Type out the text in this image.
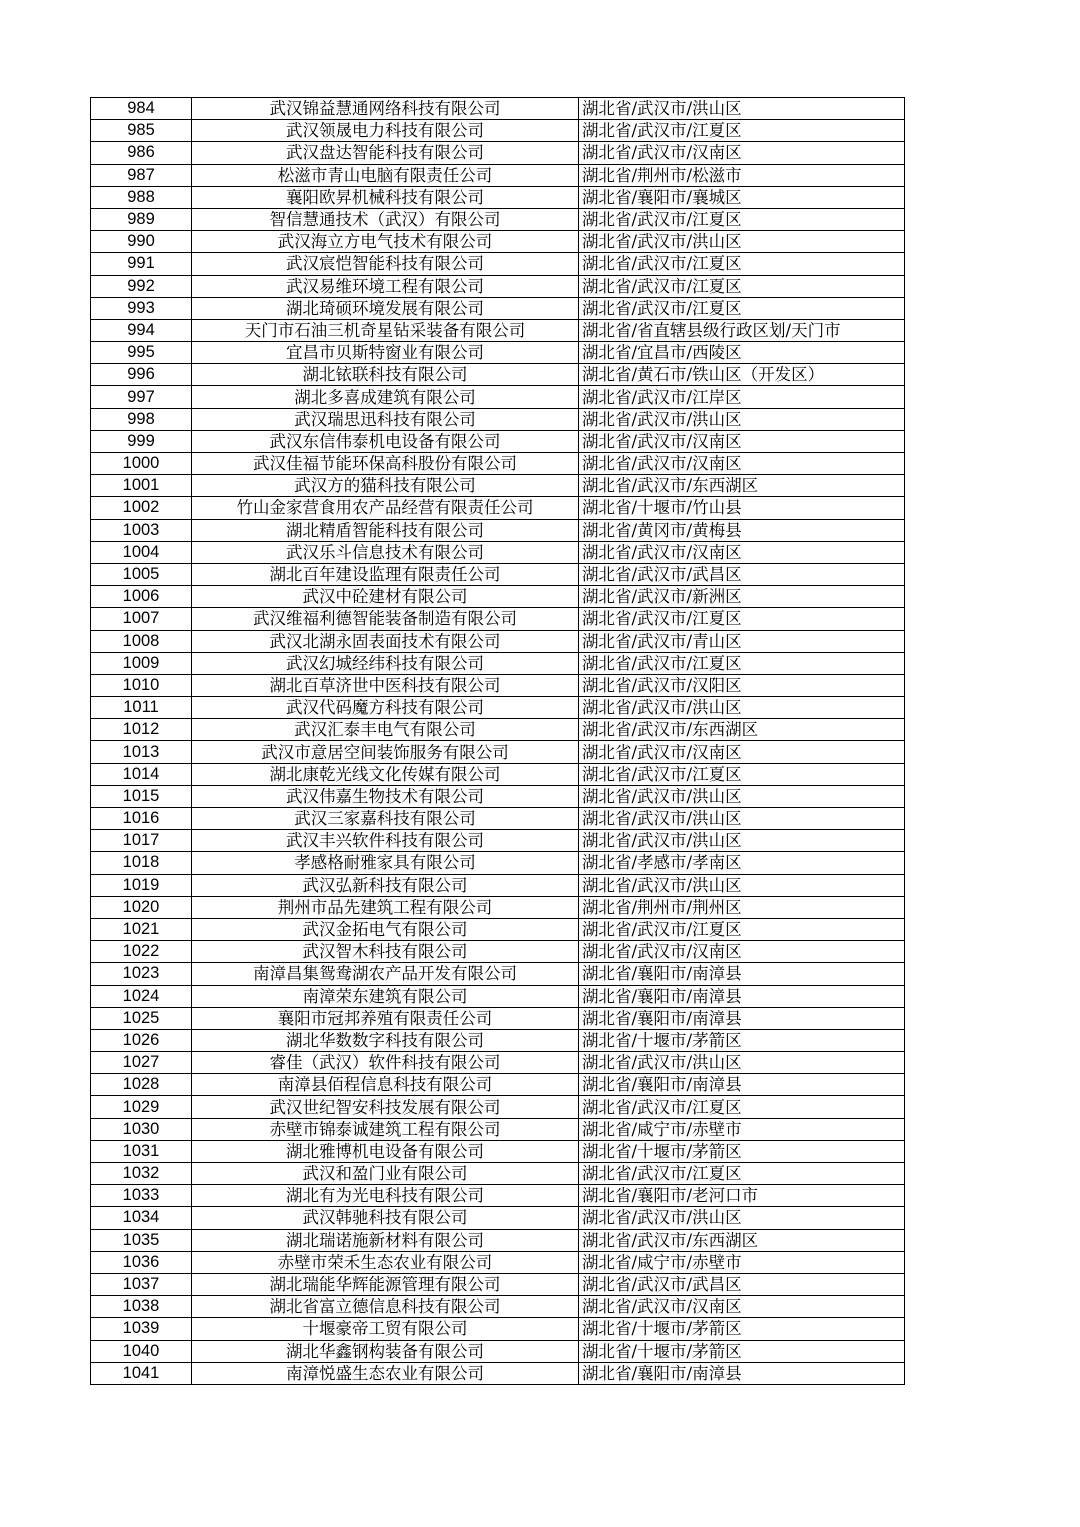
984	武汉锦益慧通网络科技有限公司	湖北省/武汉市/洪山区
985	武汉领晟电力科技有限公司	湖北省/武汉市/江夏区
986	武汉盘达智能科技有限公司	湖北省/武汉市/汉南区
987	松滋市青山电脑有限责任公司	湖北省/荆州市/松滋市
988	襄阳欧昇机械科技有限公司	湖北省/襄阳市/襄城区
989	智信慧通技术（武汉）有限公司	湖北省/武汉市/江夏区
990	武汉海立方电气技术有限公司	湖北省/武汉市/洪山区
991	武汉宸恺智能科技有限公司	湖北省/武汉市/江夏区
992	武汉易维环境工程有限公司	湖北省/武汉市/江夏区
993	湖北琦硕环境发展有限公司	湖北省/武汉市/江夏区
994	天门市石油三机奇星钻采装备有限公司	湖北省/省直辖县级行政区划/天门市
995	宜昌市贝斯特窗业有限公司	湖北省/宜昌市/西陵区
996	湖北铱联科技有限公司	湖北省/黄石市/铁山区（开发区）
997	湖北多喜成建筑有限公司	湖北省/武汉市/江岸区
998	武汉瑞思迅科技有限公司	湖北省/武汉市/洪山区
999	武汉东信伟泰机电设备有限公司	湖北省/武汉市/汉南区
1000	武汉佳福节能环保高科股份有限公司	湖北省/武汉市/汉南区
1001	武汉方的猫科技有限公司	湖北省/武汉市/东西湖区
1002	竹山金家营食用农产品经营有限责任公司	湖北省/十堰市/竹山县
1003	湖北精盾智能科技有限公司	湖北省/黄冈市/黄梅县
1004	武汉乐斗信息技术有限公司	湖北省/武汉市/汉南区
1005	湖北百年建设监理有限责任公司	湖北省/武汉市/武昌区
1006	武汉中砼建材有限公司	湖北省/武汉市/新洲区
1007	武汉维福利德智能装备制造有限公司	湖北省/武汉市/江夏区
1008	武汉北湖永固表面技术有限公司	湖北省/武汉市/青山区
1009	武汉幻城经纬科技有限公司	湖北省/武汉市/江夏区
1010	湖北百草济世中医科技有限公司	湖北省/武汉市/汉阳区
1011	武汉代码魔方科技有限公司	湖北省/武汉市/洪山区
1012	武汉汇泰丰电气有限公司	湖北省/武汉市/东西湖区
1013	武汉市意居空间装饰服务有限公司	湖北省/武汉市/汉南区
1014	湖北康乾光线文化传媒有限公司	湖北省/武汉市/江夏区
1015	武汉伟嘉生物技术有限公司	湖北省/武汉市/洪山区
1016	武汉三家嘉科技有限公司	湖北省/武汉市/洪山区
1017	武汉丰兴软件科技有限公司	湖北省/武汉市/洪山区
1018	孝感格耐雅家具有限公司	湖北省/孝感市/孝南区
1019	武汉弘新科技有限公司	湖北省/武汉市/洪山区
1020	荆州市品先建筑工程有限公司	湖北省/荆州市/荆州区
1021	武汉金拓电气有限公司	湖北省/武汉市/江夏区
1022	武汉智木科技有限公司	湖北省/武汉市/汉南区
1023	南漳昌集鸳鸯湖农产品开发有限公司	湖北省/襄阳市/南漳县
1024	南漳荣东建筑有限公司	湖北省/襄阳市/南漳县
1025	襄阳市冠邦养殖有限责任公司	湖北省/襄阳市/南漳县
1026	湖北华数数字科技有限公司	湖北省/十堰市/茅箭区
1027	睿佳（武汉）软件科技有限公司	湖北省/武汉市/洪山区
1028	南漳县佰程信息科技有限公司	湖北省/襄阳市/南漳县
1029	武汉世纪智安科技发展有限公司	湖北省/武汉市/江夏区
1030	赤壁市锦泰诚建筑工程有限公司	湖北省/咸宁市/赤壁市
1031	湖北雅博机电设备有限公司	湖北省/十堰市/茅箭区
1032	武汉和盈门业有限公司	湖北省/武汉市/江夏区
1033	湖北有为光电科技有限公司	湖北省/襄阳市/老河口市
1034	武汉韩驰科技有限公司	湖北省/武汉市/洪山区
1035	湖北瑞诺施新材料有限公司	湖北省/武汉市/东西湖区
1036	赤壁市荣禾生态农业有限公司	湖北省/咸宁市/赤壁市
1037	湖北瑞能华辉能源管理有限公司	湖北省/武汉市/武昌区
1038	湖北省富立德信息科技有限公司	湖北省/武汉市/汉南区
1039	十堰豪帝工贸有限公司	湖北省/十堰市/茅箭区
1040	湖北华鑫钢构装备有限公司	湖北省/十堰市/茅箭区
1041	南漳悦盛生态农业有限公司	湖北省/襄阳市/南漳县
